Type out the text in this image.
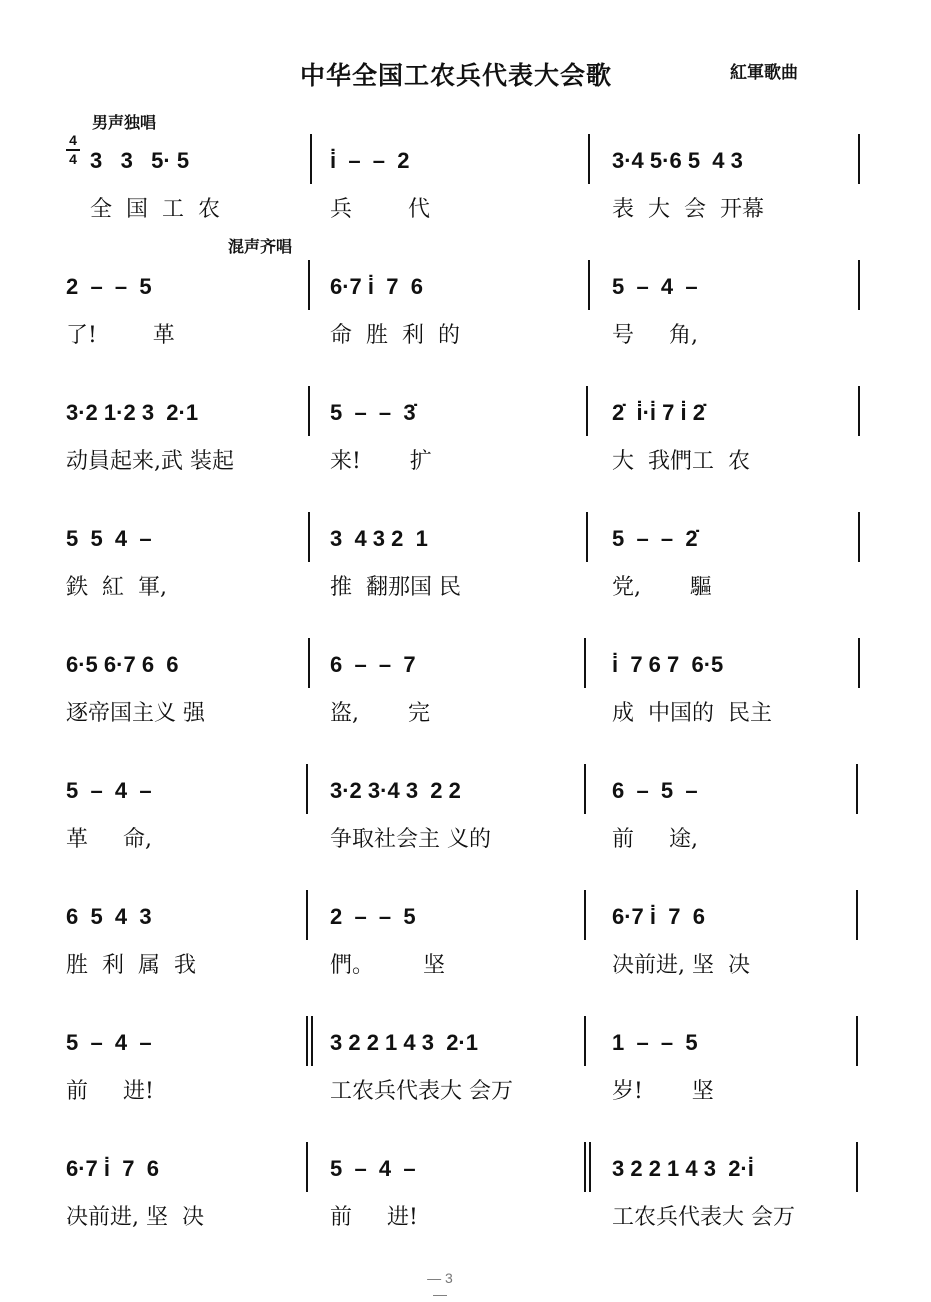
中华全国工农兵代表大会歌	紅軍歌曲
男声独唱
混声齐唱
4
4 3   3   5· 5
全  国  工  农
i̇  –  –  2
兵        代
3·4 5·6 5  4 3
表  大  会  开幕
2  –  –  5
了!        革
6·7 i̇  7  6
命  胜  利  的
5  –  4  –
号     角,
3·2 1·2 3  2·1
动員起来,武 装起
5  –  –  3̇
来!       扩
2̇  i̇·i̇ 7 i̇ 2̇
大  我們工  农
5  5  4  –
鉄  紅  軍,
3  4 3 2  1
推  翻那国 民
5  –  –  2̇
党,       驅
6·5 6·7 6  6
逐帝国主义 强
6  –  –  7
盗,       完
i̇  7 6 7  6·5
成  中国的  民主
5  –  4  –
革     命,
3·2 3·4 3  2 2
争取社会主 义的
6  –  5  –
前     途,
6  5  4  3
胜  利  属  我
2  –  –  5
們。       坚
6·7 i̇  7  6
决前进, 坚  决
5  –  4  –
前     进!
3 2 2 1 4 3  2·1
工农兵代表大 会万
1  –  –  5
岁!       坚
6·7 i̇  7  6
决前进, 坚  决
5  –  4  –
前     进!
3 2 2 1 4 3  2·i̇
工农兵代表大 会万
— 3 —
